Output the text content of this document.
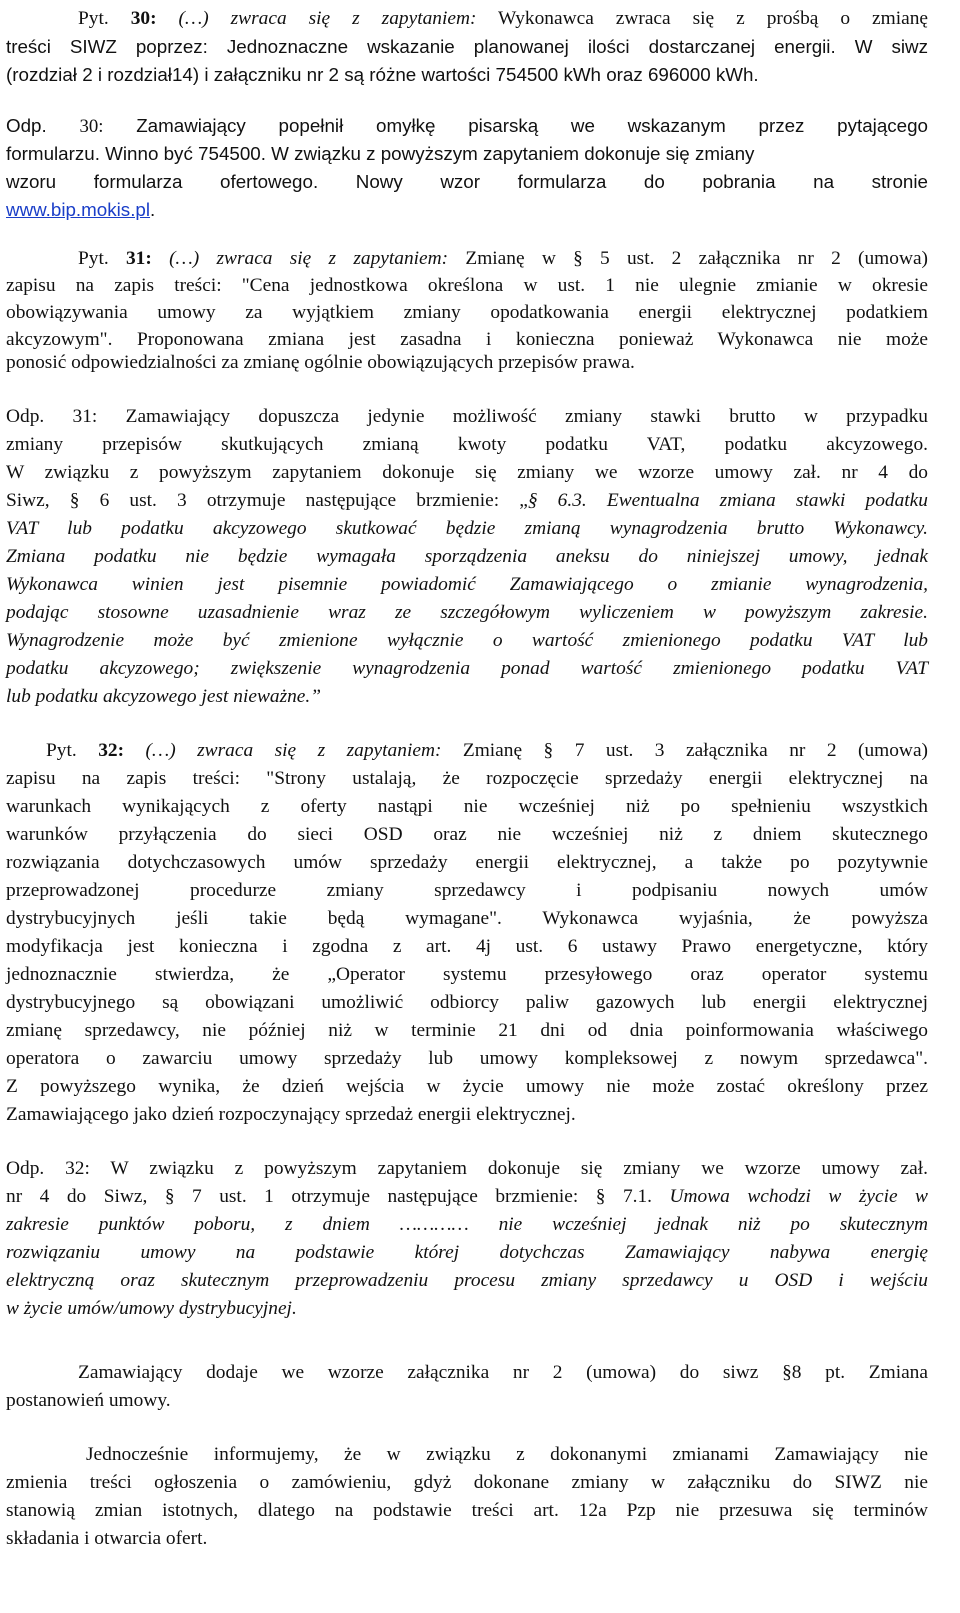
Pyt. 30: (…) zwraca się z zapytaniem: Wykonawca zwraca się z prośbą o zmianę
treści SIWZ poprzez: Jednoznaczne wskazanie planowanej ilości dostarczanej energii. W siwz
(rozdział 2 i rozdział14) i załączniku nr 2 są różne wartości 754500 kWh oraz 696000 kWh.
Odp. 30: Zamawiający popełnił omyłkę pisarską we wskazanym przez pytającego
formularzu. Winno być 754500. W związku z powyższym zapytaniem dokonuje się zmiany
wzoru formularza ofertowego. Nowy wzor formularza do pobrania na stronie
www.bip.mokis.pl.
Pyt. 31: (…) zwraca się z zapytaniem: Zmianę w § 5 ust. 2 załącznika nr 2 (umowa)
zapisu na zapis treści: "Cena jednostkowa określona w ust. 1 nie ulegnie zmianie w okresie
obowiązywania umowy za wyjątkiem zmiany opodatkowania energii elektrycznej podatkiem
akcyzowym". Proponowana zmiana jest zasadna i konieczna ponieważ Wykonawca nie może
ponosić odpowiedzialności za zmianę ogólnie obowiązujących przepisów prawa.
Odp. 31: Zamawiający dopuszcza jedynie możliwość zmiany stawki brutto w przypadku
zmiany przepisów skutkujących zmianą kwoty podatku VAT, podatku akcyzowego.
W związku z powyższym zapytaniem dokonuje się zmiany we wzorze umowy zał. nr 4 do
Siwz, § 6 ust. 3 otrzymuje następujące brzmienie: „§ 6.3. Ewentualna zmiana stawki podatku
VAT lub podatku akcyzowego skutkować będzie zmianą wynagrodzenia brutto Wykonawcy.
Zmiana podatku nie będzie wymagała sporządzenia aneksu do niniejszej umowy, jednak
Wykonawca winien jest pisemnie powiadomić Zamawiającego o zmianie wynagrodzenia,
podając stosowne uzasadnienie wraz ze szczegółowym wyliczeniem w powyższym zakresie.
Wynagrodzenie może być zmienione wyłącznie o wartość zmienionego podatku VAT lub
podatku akcyzowego; zwiększenie wynagrodzenia ponad wartość zmienionego podatku VAT
lub podatku akcyzowego jest nieważne.”
Pyt. 32: (…) zwraca się z zapytaniem: Zmianę § 7 ust. 3 załącznika nr 2 (umowa)
zapisu na zapis treści: "Strony ustalają, że rozpoczęcie sprzedaży energii elektrycznej na
warunkach wynikających z oferty nastąpi nie wcześniej niż po spełnieniu wszystkich
warunków przyłączenia do sieci OSD oraz nie wcześniej niż z dniem skutecznego
rozwiązania dotychczasowych umów sprzedaży energii elektrycznej, a także po pozytywnie
przeprowadzonej procedurze zmiany sprzedawcy i podpisaniu nowych umów
dystrybucyjnych jeśli takie będą wymagane". Wykonawca wyjaśnia, że powyższa
modyfikacja jest konieczna i zgodna z art. 4j ust. 6 ustawy Prawo energetyczne, który
jednoznacznie stwierdza, że „Operator systemu przesyłowego oraz operator systemu
dystrybucyjnego są obowiązani umożliwić odbiorcy paliw gazowych lub energii elektrycznej
zmianę sprzedawcy, nie później niż w terminie 21 dni od dnia poinformowania właściwego
operatora o zawarciu umowy sprzedaży lub umowy kompleksowej z nowym sprzedawca".
Z powyższego wynika, że dzień wejścia w życie umowy nie może zostać określony przez
Zamawiającego jako dzień rozpoczynający sprzedaż energii elektrycznej.
Odp. 32: W związku z powyższym zapytaniem dokonuje się zmiany we wzorze umowy zał.
nr 4 do Siwz, § 7 ust. 1 otrzymuje następujące brzmienie: § 7.1. Umowa wchodzi w życie w
zakresie punktów poboru, z dniem ………… nie wcześniej jednak niż po skutecznym
rozwiązaniu umowy na podstawie której dotychczas Zamawiający nabywa energię
elektryczną oraz skutecznym przeprowadzeniu procesu zmiany sprzedawcy u OSD i wejściu
w życie umów/umowy dystrybucyjnej.
Zamawiający dodaje we wzorze załącznika nr 2 (umowa) do siwz §8 pt. Zmiana
postanowień umowy.
Jednocześnie informujemy, że w związku z dokonanymi zmianami Zamawiający nie
zmienia treści ogłoszenia o zamówieniu, gdyż dokonane zmiany w załączniku do SIWZ nie
stanowią zmian istotnych, dlatego na podstawie treści art. 12a Pzp nie przesuwa się terminów
składania i otwarcia ofert.
